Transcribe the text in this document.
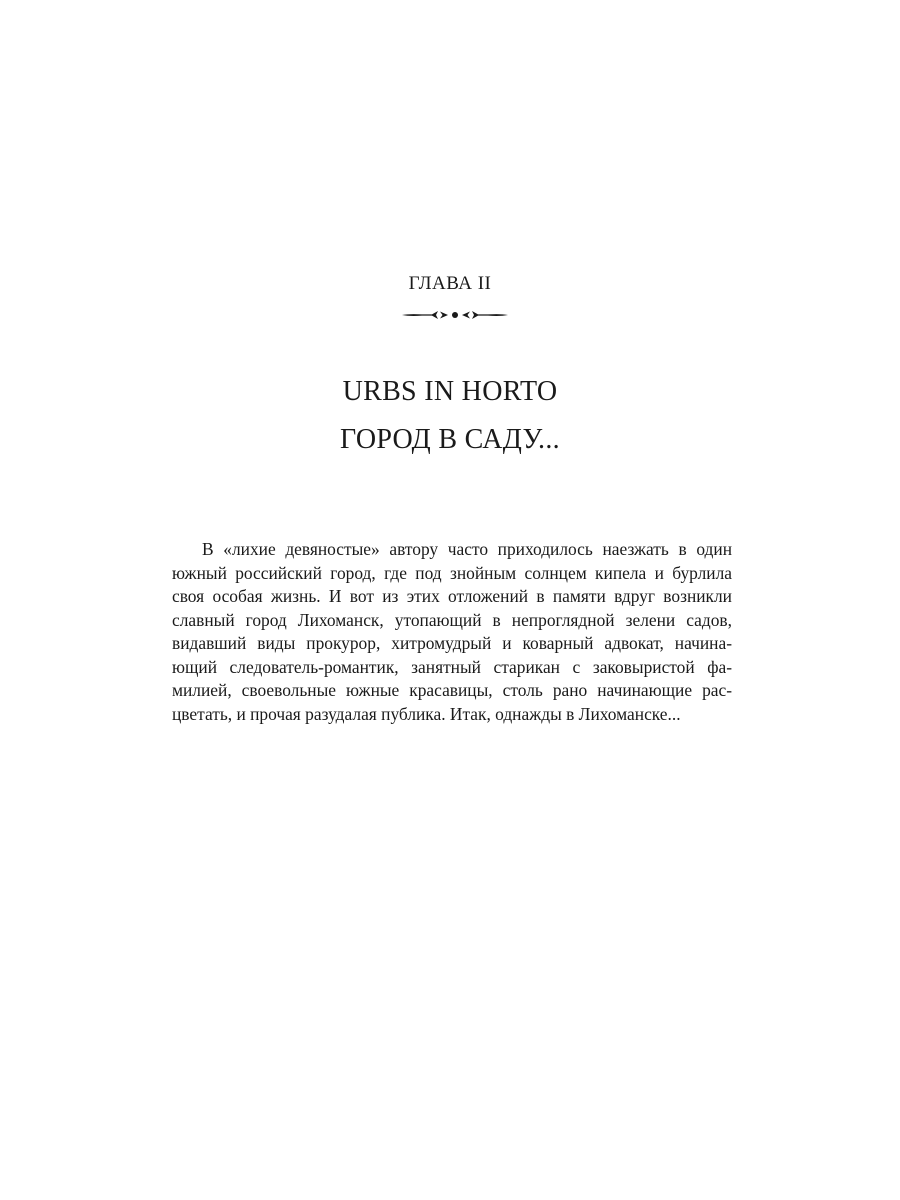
ГЛАВА II
URBS IN HORTO
ГОРОД В САДУ...
В «лихие девяностые» автору часто приходилось наезжать в один
южный российский город, где под знойным солнцем кипела и бурлила
своя особая жизнь. И вот из этих отложений в памяти вдруг возникли
славный город Лихоманск, утопающий в непроглядной зелени садов,
видавший виды прокурор, хитромудрый и коварный адвокат, начина-
ющий следователь-романтик, занятный старикан с заковыристой фа-
милией, своевольные южные красавицы, столь рано начинающие рас-
цветать, и прочая разудалая публика. Итак, однажды в Лихоманске...
